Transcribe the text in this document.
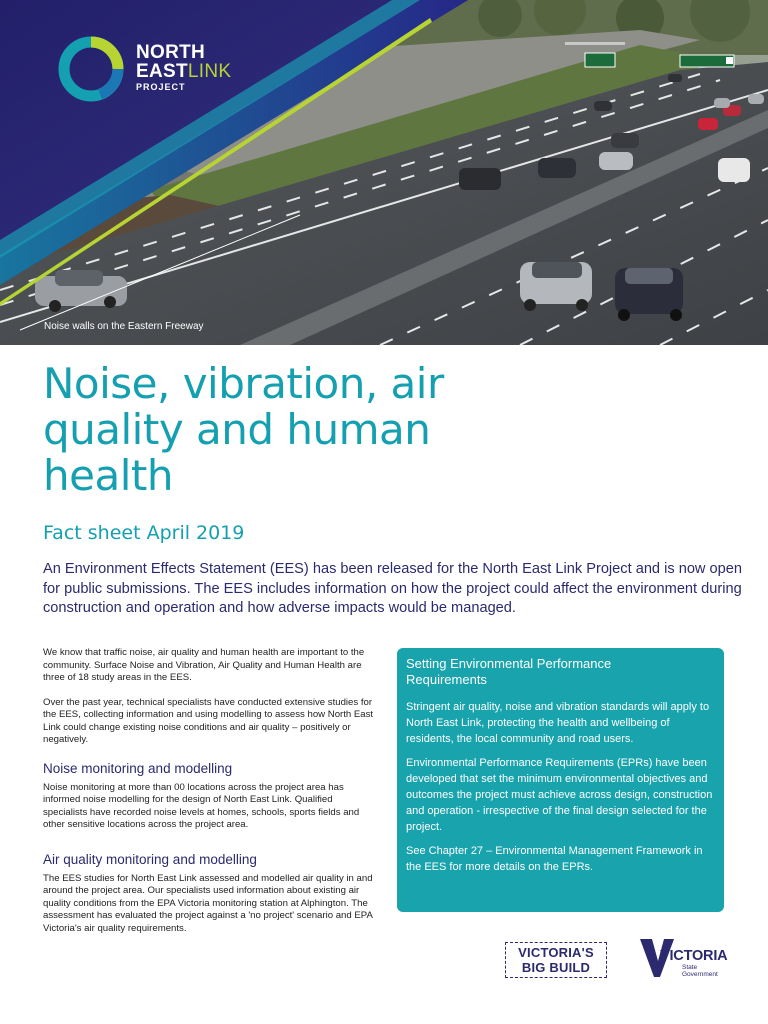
NORTH
EASTLINK
PROJECT
Noise walls on the Eastern Freeway
Noise, vibration, air quality and human health
Fact sheet April 2019

An Environment Effects Statement (EES) has been released for the North East Link Project and is now open for public submissions. The EES includes information on how the project could affect the environment during construction and operation and how adverse impacts would be managed.

We know that traffic noise, air quality and human health are important to the community. Surface Noise and Vibration, Air Quality and Human Health are three of 18 study areas in the EES.

Over the past year, technical specialists have conducted extensive studies for the EES, collecting information and using modelling to assess how North East Link could change existing noise conditions and air quality – positively or negatively.

Noise monitoring and modelling

Noise monitoring at more than 00 locations across the project area has informed noise modelling for the design of North East Link. Qualified specialists have recorded noise levels at homes, schools, sports fields and other sensitive locations across the project area.

Air quality monitoring and modelling

The EES studies for North East Link assessed and modelled air quality in and around the project area. Our specialists used information about existing air quality conditions from the EPA Victoria monitoring station at Alphington. The assessment has evaluated the project against a 'no project' scenario and EPA Victoria's air quality requirements.

Setting Environmental Performance Requirements

Stringent air quality, noise and vibration standards will apply to North East Link, protecting the health and wellbeing of residents, the local community and road users.

Environmental Performance Requirements (EPRs) have been developed that set the minimum environmental objectives and outcomes the project must achieve across design, construction and operation - irrespective of the final design selected for the project.

See Chapter 27 – Environmental Management Framework in the EES for more details on the EPRs.

VICTORIA'S
BIG BUILD
VICTORIA
State
Government
